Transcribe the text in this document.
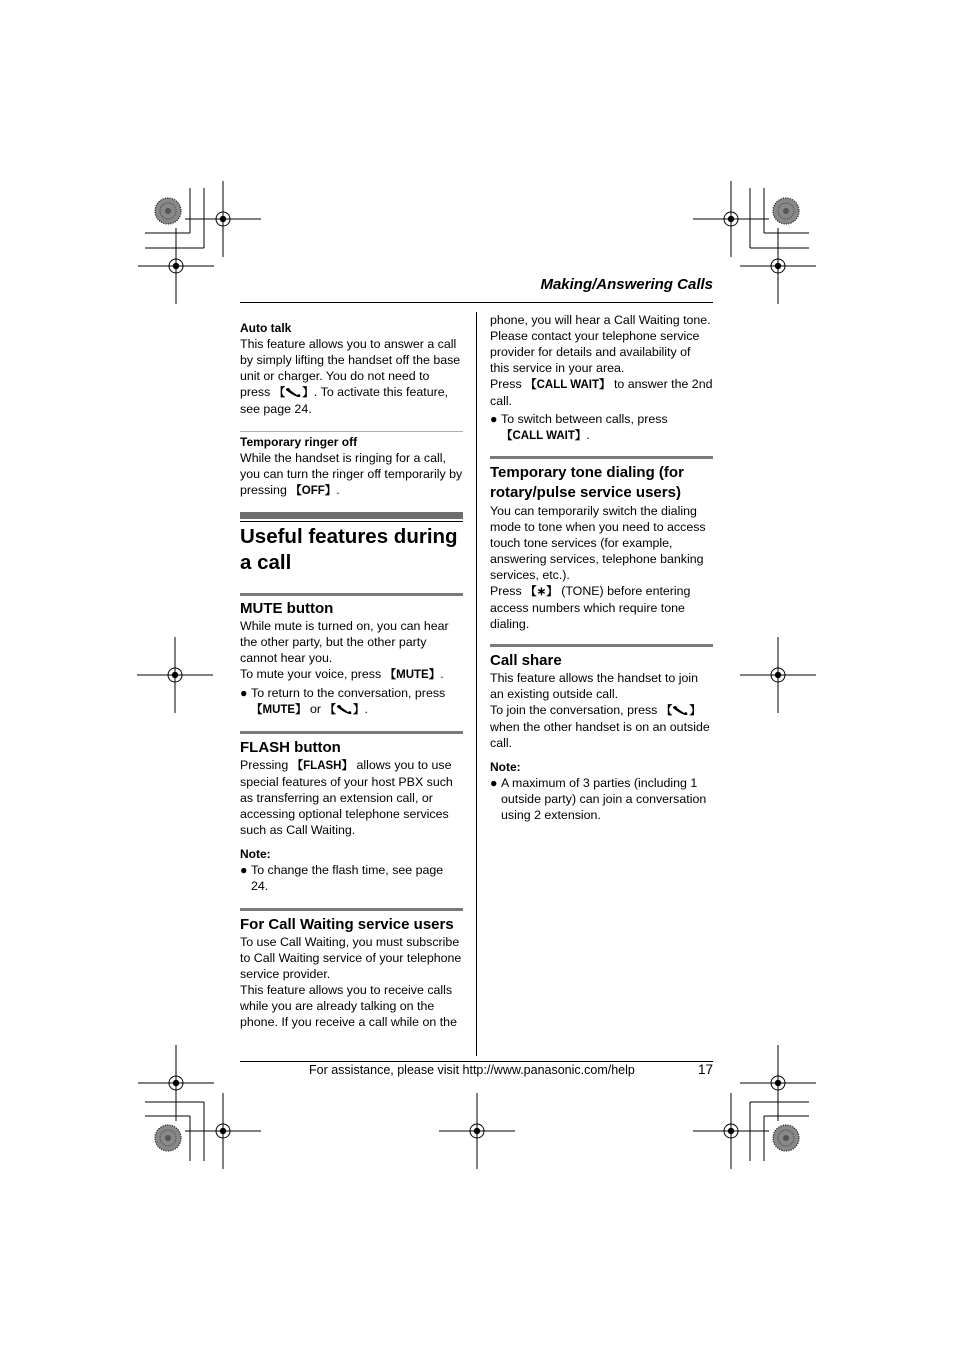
Making/Answering Calls
Auto talk

This feature allows you to answer a call by simply lifting the handset off the base unit or charger. You do not need to press 【 】. To activate this feature, see page 24.

Temporary ringer off

While the handset is ringing for a call, you can turn the ringer off temporarily by pressing 【OFF】.

Useful features during a call
MUTE button

While mute is turned on, you can hear the other party, but the other party cannot hear you.

To mute your voice, press 【MUTE】.

● To return to the conversation, press 【MUTE】 or 【 】.

FLASH button

Pressing 【FLASH】 allows you to use special features of your host PBX such as transferring an extension call, or accessing optional telephone services such as Call Waiting.

Note:

● To change the flash time, see page 24.

For Call Waiting service users

To use Call Waiting, you must subscribe to Call Waiting service of your telephone service provider.

This feature allows you to receive calls while you are already talking on the phone. If you receive a call while on the

phone, you will hear a Call Waiting tone. Please contact your telephone service provider for details and availability of this service in your area.

Press 【CALL WAIT】 to answer the 2nd call.

● To switch between calls, press 【CALL WAIT】.

Temporary tone dialing (for rotary/pulse service users)

You can temporarily switch the dialing mode to tone when you need to access touch tone services (for example, answering services, telephone banking services, etc.).

Press 【∗】 (TONE) before entering access numbers which require tone dialing.

Call share

This feature allows the handset to join an existing outside call.

To join the conversation, press 【 】 when the other handset is on an outside call.

Note:

● A maximum of 3 parties (including 1 outside party) can join a conversation using 2 extension.

For assistance, please visit http://www.panasonic.com/help	17
